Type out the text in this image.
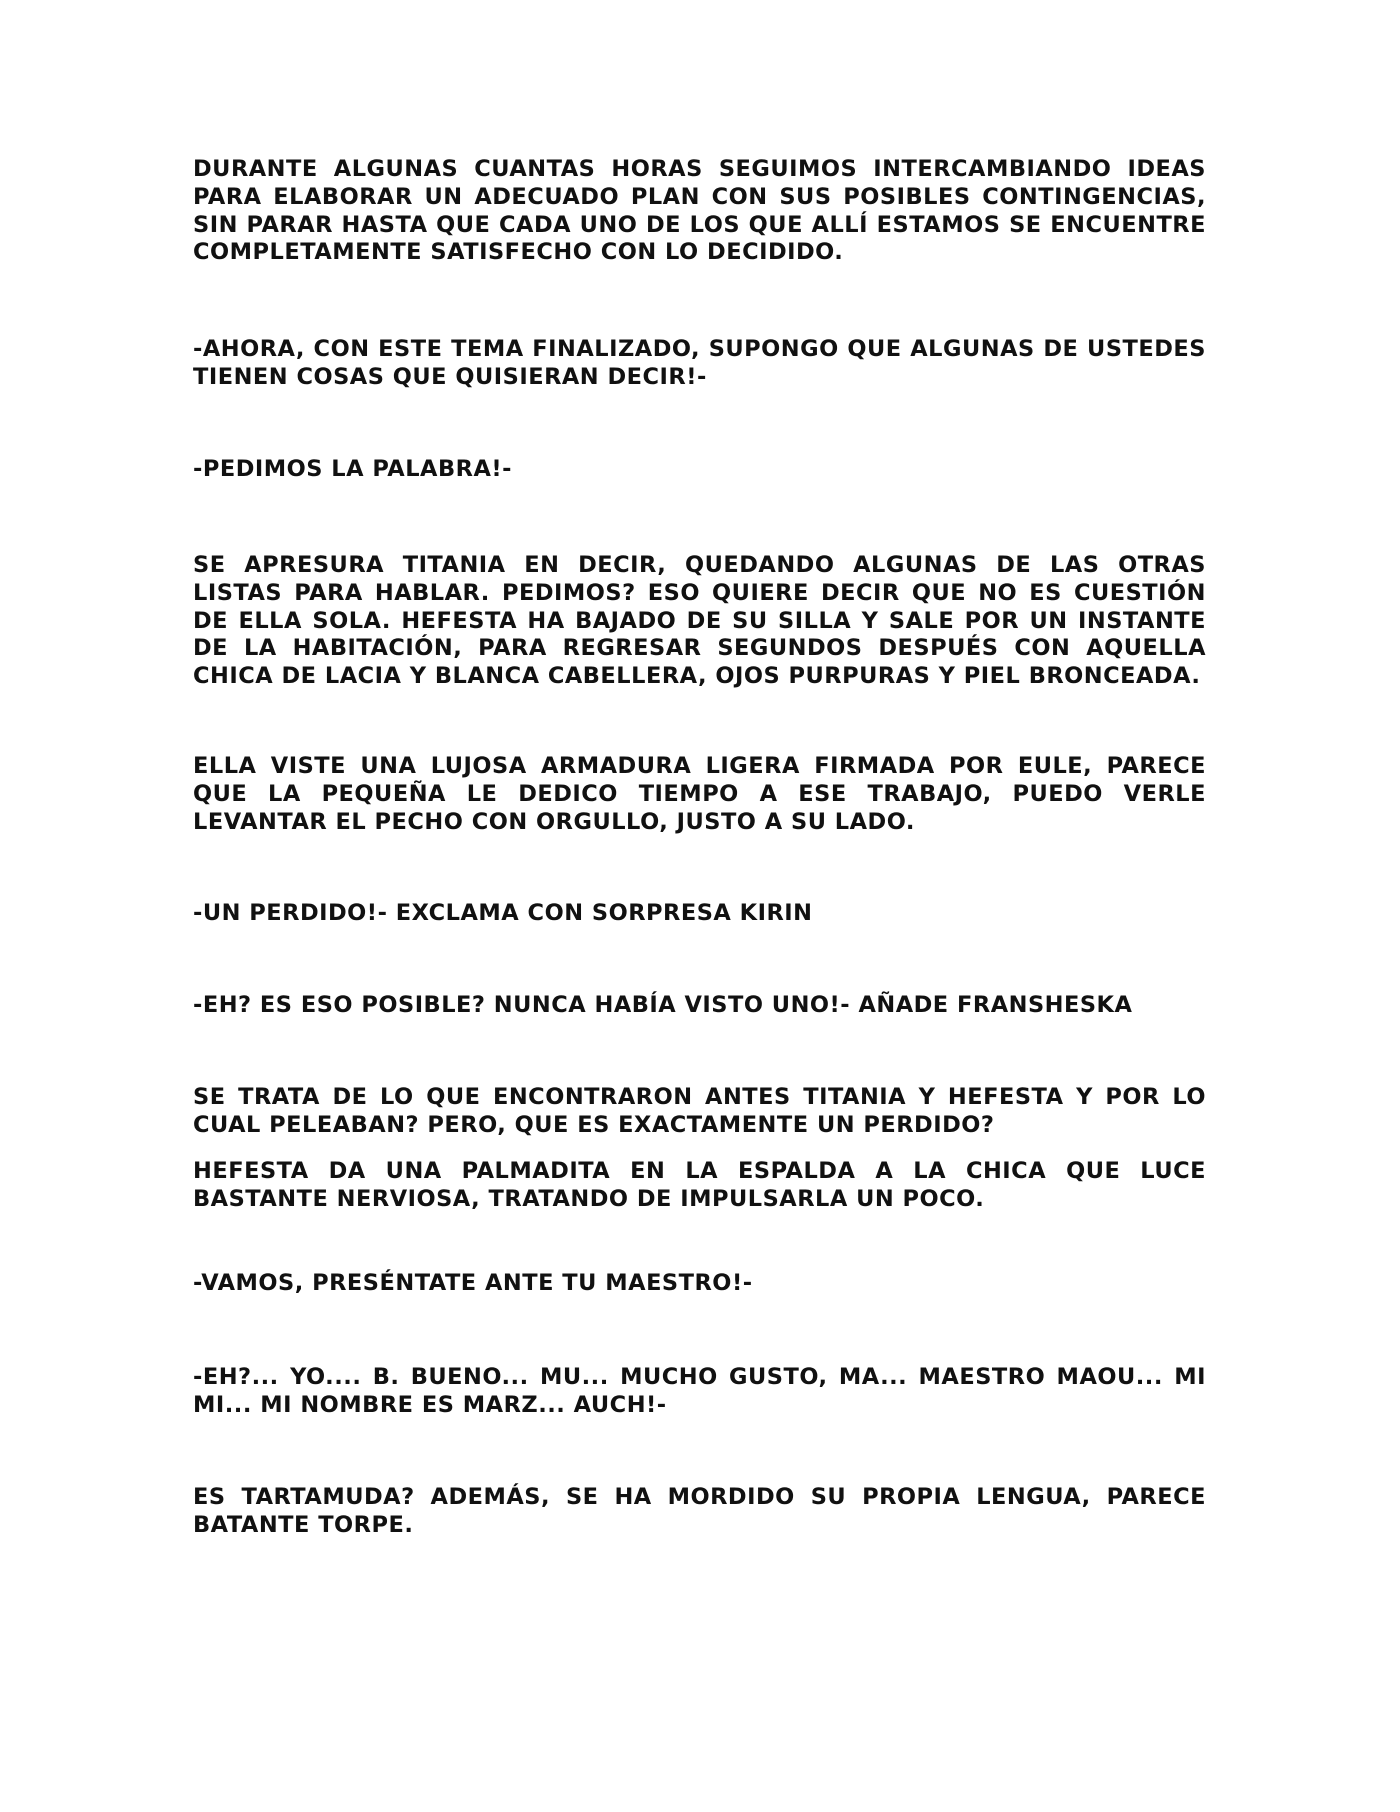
DURANTE ALGUNAS CUANTAS HORAS SEGUIMOS INTERCAMBIANDO IDEAS PARA ELABORAR UN ADECUADO PLAN CON SUS POSIBLES CONTINGENCIAS, SIN PARAR HASTA QUE CADA UNO DE LOS QUE ALLÍ ESTAMOS SE ENCUENTRE COMPLETAMENTE SATISFECHO CON LO DECIDIDO.

-AHORA, CON ESTE TEMA FINALIZADO, SUPONGO QUE ALGUNAS DE USTEDES TIENEN COSAS QUE QUISIERAN DECIR!-

-PEDIMOS LA PALABRA!-

SE APRESURA TITANIA EN DECIR, QUEDANDO ALGUNAS DE LAS OTRAS LISTAS PARA HABLAR. PEDIMOS? ESO QUIERE DECIR QUE NO ES CUESTIÓN DE ELLA SOLA. HEFESTA HA BAJADO DE SU SILLA Y SALE POR UN INSTANTE DE LA HABITACIÓN, PARA REGRESAR SEGUNDOS DESPUÉS CON AQUELLA CHICA DE LACIA Y BLANCA CABELLERA, OJOS PURPURAS Y PIEL BRONCEADA.

ELLA VISTE UNA LUJOSA ARMADURA LIGERA FIRMADA POR EULE, PARECE QUE LA PEQUEÑA LE DEDICO TIEMPO A ESE TRABAJO, PUEDO VERLE LEVANTAR EL PECHO CON ORGULLO, JUSTO A SU LADO.

-UN PERDIDO!- EXCLAMA CON SORPRESA KIRIN

-EH? ES ESO POSIBLE? NUNCA HABÍA VISTO UNO!- AÑADE FRANSHESKA

SE TRATA DE LO QUE ENCONTRARON ANTES TITANIA Y HEFESTA Y POR LO CUAL PELEABAN? PERO, QUE ES EXACTAMENTE UN PERDIDO?

HEFESTA DA UNA PALMADITA EN LA ESPALDA A LA CHICA QUE LUCE BASTANTE NERVIOSA, TRATANDO DE IMPULSARLA UN POCO.

-VAMOS, PRESÉNTATE ANTE TU MAESTRO!-

-EH?... YO.... B. BUENO... MU... MUCHO GUSTO, MA... MAESTRO MAOU... MI MI... MI NOMBRE ES MARZ... AUCH!-

ES TARTAMUDA? ADEMÁS, SE HA MORDIDO SU PROPIA LENGUA, PARECE BATANTE TORPE.
